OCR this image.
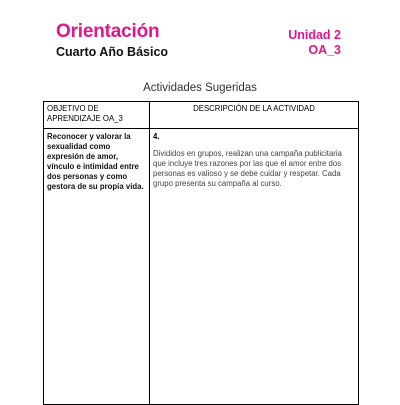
Orientación
Cuarto Año Básico
Unidad 2
OA_3
Actividades Sugeridas
OBJETIVO DE APRENDIZAJE OA_3	DESCRIPCIÓN DE LA ACTIVIDAD

Reconocer y valorar la sexualidad como expresión de amor, vínculo e intimidad entre dos personas y como gestora de su propia vida.	4.
Divididos en grupos, realizan una campaña publicitaria que incluye tres razones por las que el amor entre dos personas es valioso y se debe cuidar y respetar. Cada grupo presenta su campaña al curso.
